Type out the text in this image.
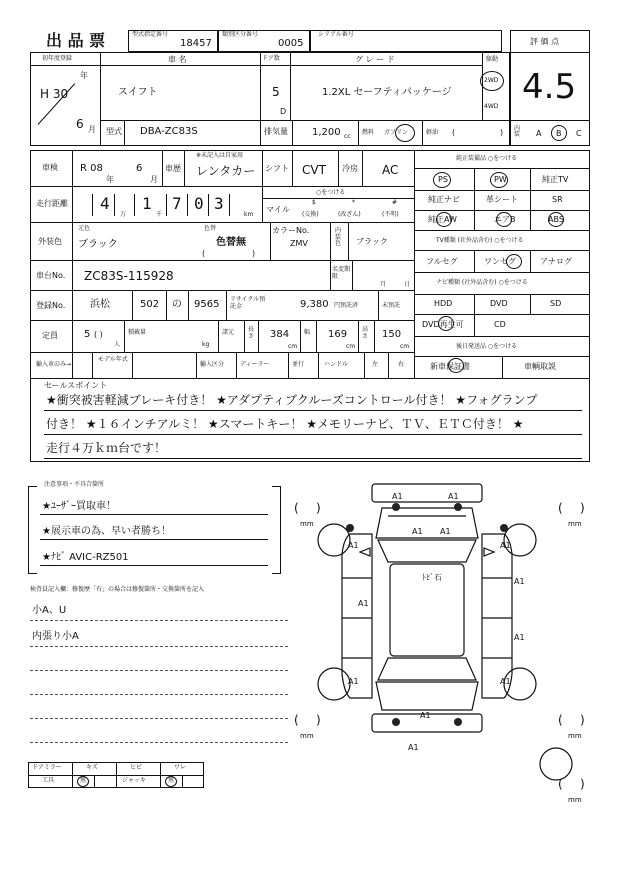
出 品 票	型式指定番号
18457
類別区分番号
0005
シリアル番号
評 価 点
4.5
初年度登録
年
H 30
6 月
車 名
スイフト
ドア数
5
D
グ レ ー ド
1.2XL セーフティパッケージ
駆動
2WD
4WD
型式 DBA-ZC83S	排気量 1,200 cc
燃料 ガソリン	軽油 (	) 内装	A B C
車検 R 08
年
6
月
車歴
※未記入は自家用
レンタカー シフト CVT 冷房 AC
走行距離 4
万
1
千
7 0 3
km
○をつける
マイル
$
(交換)
*
(改ざん)
#
(不明)
元色
外装色 ブラック
色替
色替無
(	)
カラーNo.
ZMV
内装色 ブラック
車台No. ZC83S-115928	名変期限
月	日
登録No. 浜松	502 の 9565 リサイクル預託金	9,380 円預託済	未預託
定員	5 ( )
人
積載量
kg
諸元 長さ 384
cm
幅 169
cm
高さ 150
cm
輸入車のみ→
モデル年式
輸入区分	ディーラー	並行	ハンドル	左	右
純正装備品 ○をつける
PS	PW	純正TV
純正ナビ	革シート	SR
純正AW	エアB	ABS
TV種類 (社外品含む) ○をつける
フルセグ	ワンセグ	アナログ
ナビ種類 (社外品含む) ○をつける
HDD	DVD	SD
DVD再生可	CD
後日発送品 ○をつける
新車保証書	車輌取説
セールスポイント
★衝突被害軽減ブレーキ付き！ ★アダプティブクルーズコントロール付き！ ★フォグランプ
付き！ ★１６インチアルミ！ ★スマートキー！ ★メモリーナビ、ＴＶ、ＥＴＣ付き！ ★
走行４万ｋｍ台です！
注意事項・不具合箇所
★ﾕｰｻﾞｰ買取車！
★展示車の為、早い者勝ち！
★ﾅﾋﾞ AVIC-RZ501
検査員記入欄：修復歴「有」の場合は修復箇所・交換箇所を記入
小A、U
内張り小A
ドアミラー	キズ	ヒビ	ワレ
工具	無	ジャッキ	無
( )	( )
( )	( )
( )
mm	mm
mm	mm
mm
A1	A1
A1 A1
A1	A1
A1
A1
A1
A1	A1
A1
A1
ﾄﾋﾞ石
